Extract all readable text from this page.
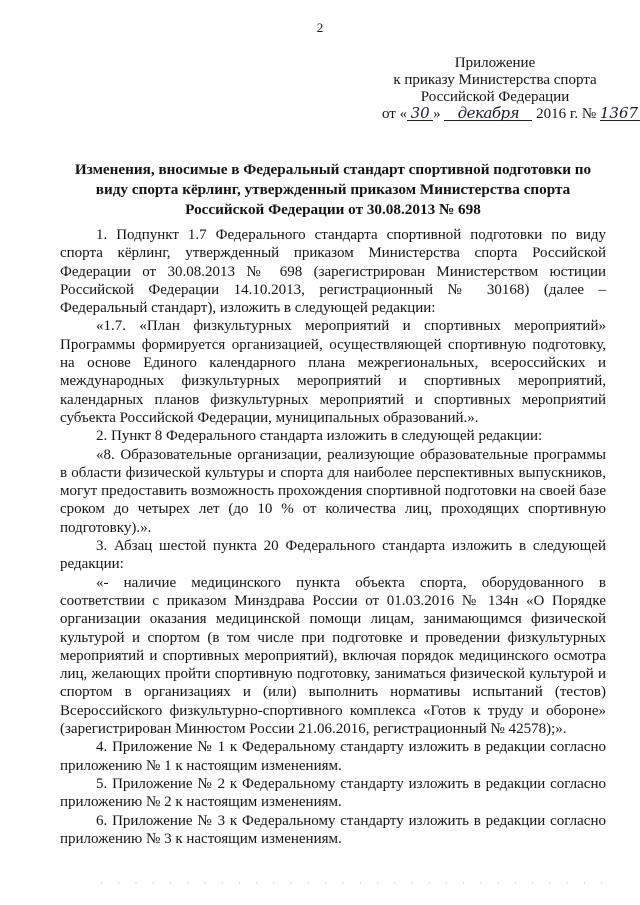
2
Приложение
к приказу Министерства спорта
Российской Федерации
от « 30 » декабря 2016 г. № 1367
Изменения, вносимые в Федеральный стандарт спортивной подготовки по виду спорта кёрлинг, утвержденный приказом Министерства спорта Российской Федерации от 30.08.2013 № 698

1. Подпункт 1.7 Федерального стандарта спортивной подготовки по виду спорта кёрлинг, утвержденный приказом Министерства спорта Российской Федерации от 30.08.2013 № 698 (зарегистрирован Министерством юстиции Российской Федерации 14.10.2013, регистрационный № 30168) (далее – Федеральный стандарт), изложить в следующей редакции:

«1.7. «План физкультурных мероприятий и спортивных мероприятий» Программы формируется организацией, осуществляющей спортивную подготовку, на основе Единого календарного плана межрегиональных, всероссийских и международных физкультурных мероприятий и спортивных мероприятий, календарных планов физкультурных мероприятий и спортивных мероприятий субъекта Российской Федерации, муниципальных образований.».

2. Пункт 8 Федерального стандарта изложить в следующей редакции:

«8. Образовательные организации, реализующие образовательные программы в области физической культуры и спорта для наиболее перспективных выпускников, могут предоставить возможность прохождения спортивной подготовки на своей базе сроком до четырех лет (до 10 % от количества лиц, проходящих спортивную подготовку).».

3. Абзац шестой пункта 20 Федерального стандарта изложить в следующей редакции:

«- наличие медицинского пункта объекта спорта, оборудованного в соответствии с приказом Минздрава России от 01.03.2016 № 134н «О Порядке организации оказания медицинской помощи лицам, занимающимся физической культурой и спортом (в том числе при подготовке и проведении физкультурных мероприятий и спортивных мероприятий), включая порядок медицинского осмотра лиц, желающих пройти спортивную подготовку, заниматься физической культурой и спортом в организациях и (или) выполнить нормативы испытаний (тестов) Всероссийского физкультурно-спортивного комплекса «Готов к труду и обороне» (зарегистрирован Минюстом России 21.06.2016, регистрационный № 42578);».

4. Приложение № 1 к Федеральному стандарту изложить в редакции согласно приложению № 1 к настоящим изменениям.

5. Приложение № 2 к Федеральному стандарту изложить в редакции согласно приложению № 2 к настоящим изменениям.

6. Приложение № 3 к Федеральному стандарту изложить в редакции согласно приложению № 3 к настоящим изменениям.

· · · · · · · · · · · · · · · · · · · · · · · · · · · · · ·
